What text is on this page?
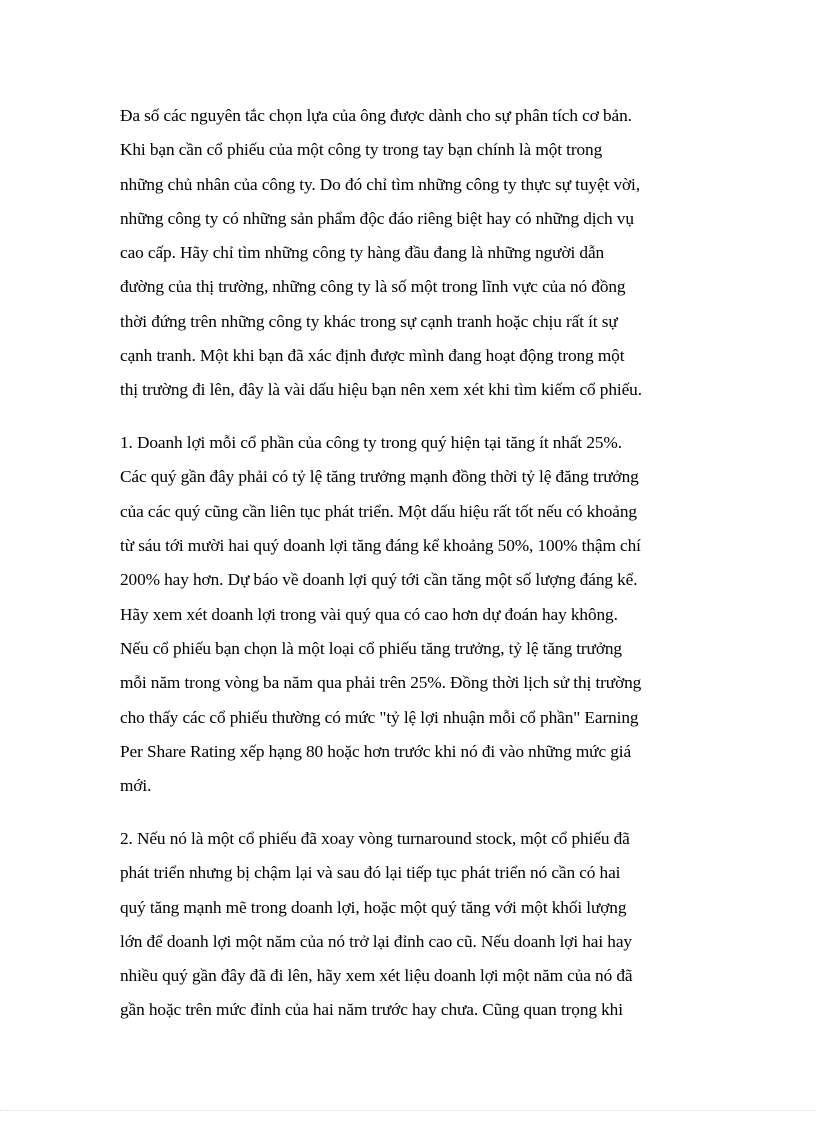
Đa số các nguyên tắc chọn lựa của ông được dành cho sự phân tích cơ bản.
Khi bạn cần cổ phiếu của một công ty trong tay bạn chính là một trong
những chủ nhân của công ty. Do đó chỉ tìm những công ty thực sự tuyệt vời,
những công ty có những sản phẩm độc đáo riêng biệt hay có những dịch vụ
cao cấp. Hãy chỉ tìm những công ty hàng đầu đang là những người dẫn
đường của thị trường, những công ty là số một trong lĩnh vực của nó đồng
thời đứng trên những công ty khác trong sự cạnh tranh hoặc chịu rất ít sự
cạnh tranh. Một khi bạn đã xác định được mình đang hoạt động trong một
thị trường đi lên, đây là vài dấu hiệu bạn nên xem xét khi tìm kiếm cổ phiếu.
1. Doanh lợi mỗi cổ phần của công ty trong quý hiện tại tăng ít nhất 25%.
Các quý gần đây phải có tỷ lệ tăng trưởng mạnh đồng thời tỷ lệ đăng trưởng
của các quý cũng cần liên tục phát triển. Một dấu hiệu rất tốt nếu có khoảng
từ sáu tới mười hai quý doanh lợi tăng đáng kể khoảng 50%, 100% thậm chí
200% hay hơn. Dự báo về doanh lợi quý tới cần tăng một số lượng đáng kể.
Hãy xem xét doanh lợi trong vài quý qua có cao hơn dự đoán hay không.
Nếu cổ phiếu bạn chọn là một loại cổ phiếu tăng trưởng, tỷ lệ tăng trưởng
mỗi năm trong vòng ba năm qua phải trên 25%. Đồng thời lịch sử thị trường
cho thấy các cổ phiếu thường có mức "tỷ lệ lợi nhuận mỗi cổ phần" Earning
Per Share Rating xếp hạng 80 hoặc hơn trước khi nó đi vào những mức giá
mới.
2. Nếu nó là một cổ phiếu đã xoay vòng turnaround stock, một cổ phiếu đã
phát triển nhưng bị chậm lại và sau đó lại tiếp tục phát triển nó cần có hai
quý tăng mạnh mẽ trong doanh lợi, hoặc một quý tăng với một khối lượng
lớn để doanh lợi một năm của nó trở lại đỉnh cao cũ. Nếu doanh lợi hai hay
nhiều quý gần đây đã đi lên, hãy xem xét liệu doanh lợi một năm của nó đã
gần hoặc trên mức đỉnh của hai năm trước hay chưa. Cũng quan trọng khi
